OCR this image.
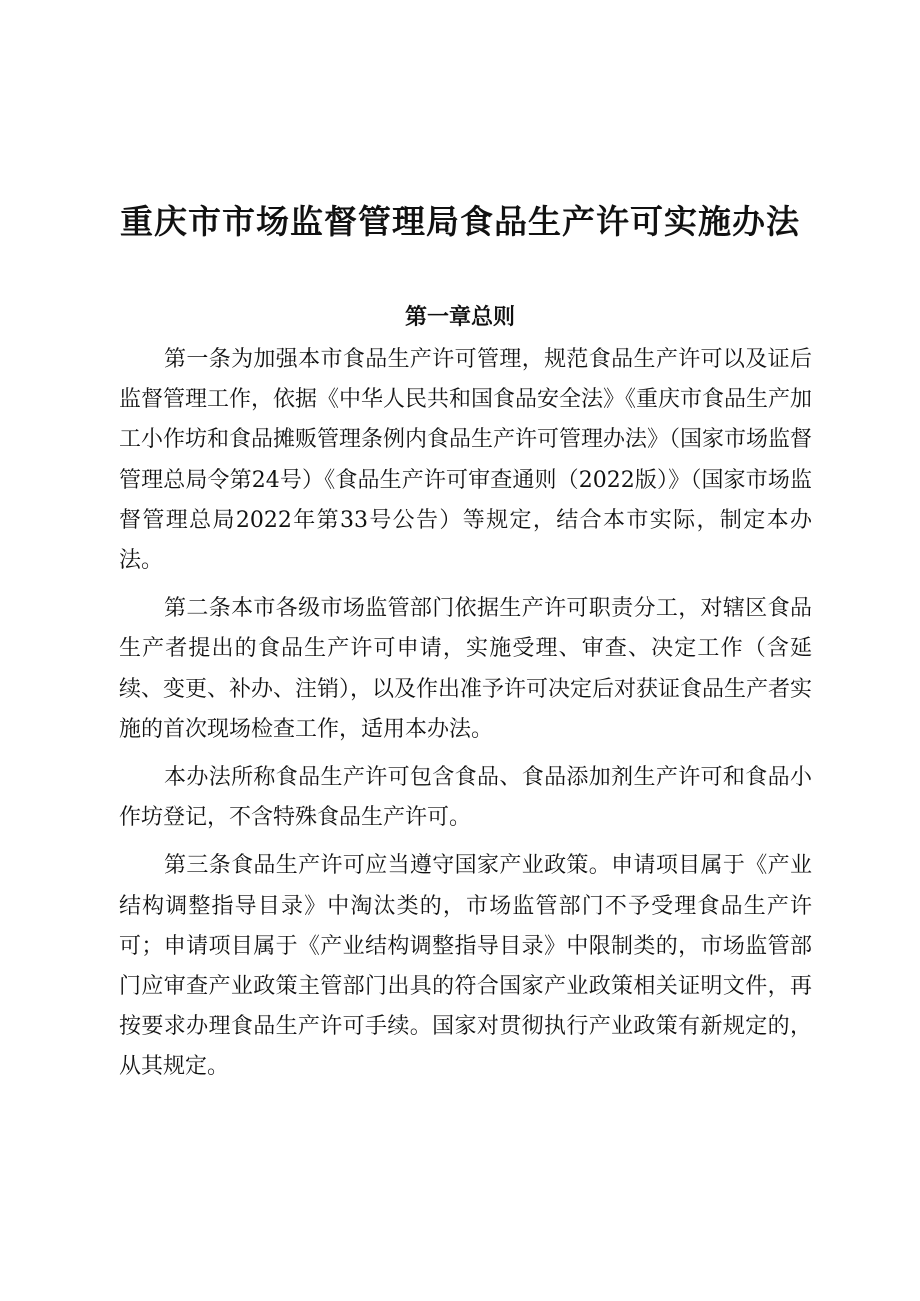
重庆市市场监督管理局食品生产许可实施办法
第一章总则

第一条为加强本市食品生产许可管理，规范食品生产许可以及证后监督管理工作，依据《中华人民共和国食品安全法》《重庆市食品生产加工小作坊和食品摊贩管理条例内食品生产许可管理办法》（国家市场监督管理总局令第24号）《食品生产许可审查通则（2022版）》（国家市场监督管理总局2022年第33号公告）等规定，结合本市实际，制定本办法。

第二条本市各级市场监管部门依据生产许可职责分工，对辖区食品生产者提出的食品生产许可申请，实施受理、审查、决定工作（含延续、变更、补办、注销），以及作出准予许可决定后对获证食品生产者实施的首次现场检查工作，适用本办法。

本办法所称食品生产许可包含食品、食品添加剂生产许可和食品小作坊登记，不含特殊食品生产许可。

第三条食品生产许可应当遵守国家产业政策。申请项目属于《产业结构调整指导目录》中淘汰类的，市场监管部门不予受理食品生产许可；申请项目属于《产业结构调整指导目录》中限制类的，市场监管部门应审查产业政策主管部门出具的符合国家产业政策相关证明文件，再按要求办理食品生产许可手续。国家对贯彻执行产业政策有新规定的，从其规定。
